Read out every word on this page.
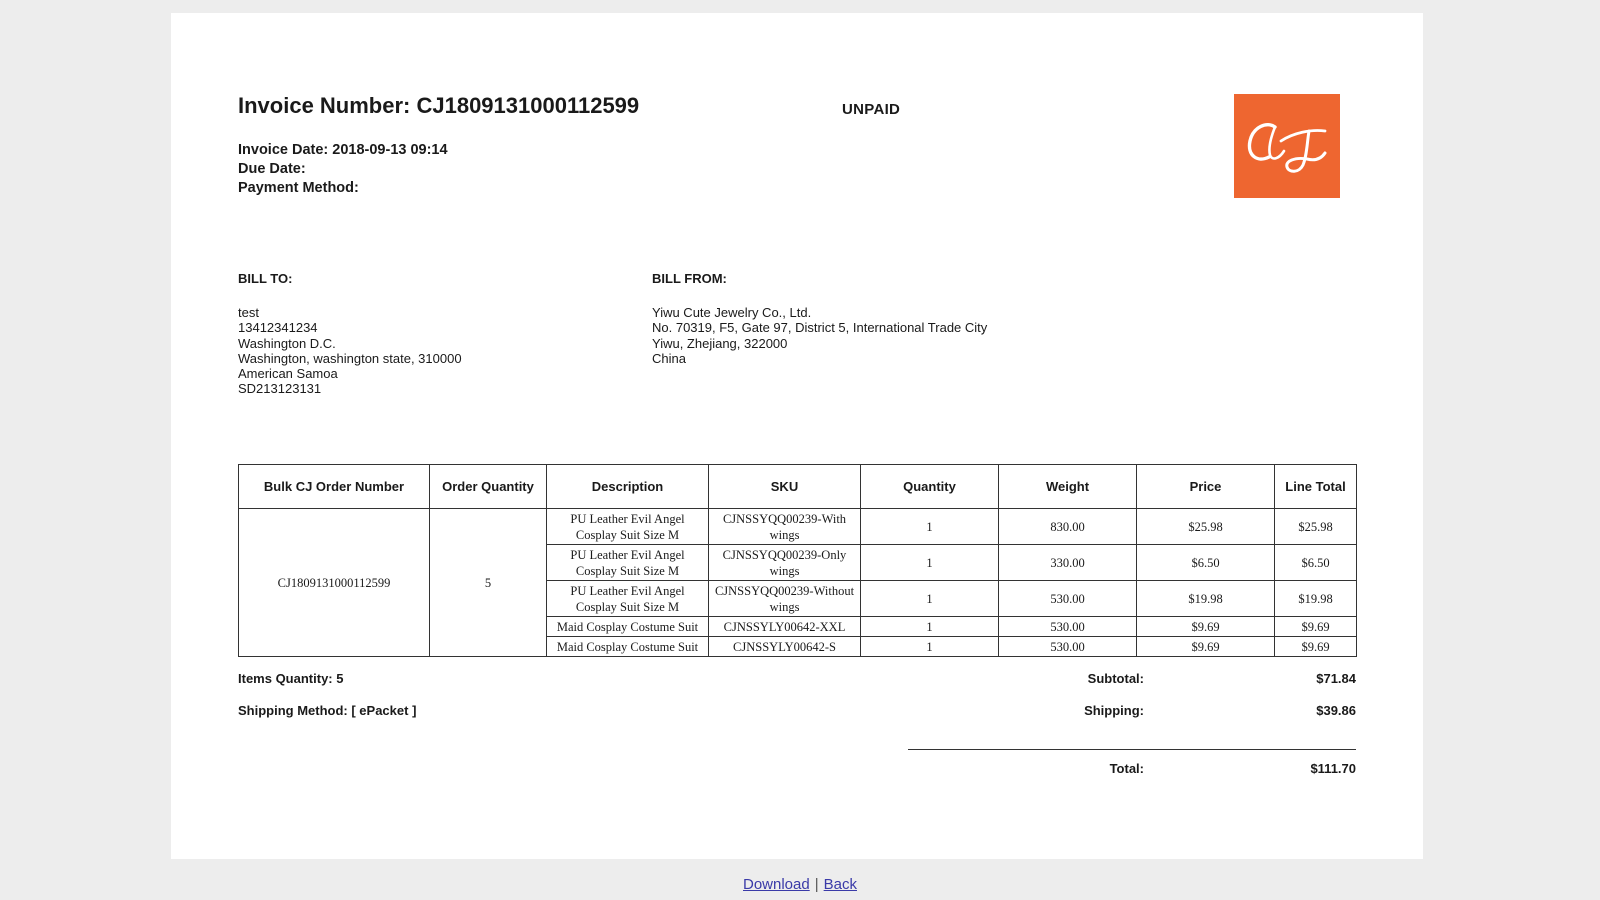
Invoice Number: CJ1809131000112599	UNPAID
Invoice Date: 2018-09-13 09:14
Due Date:
Payment Method:
BILL TO:
test
13412341234
Washington D.C.
Washington, washington state, 310000
American Samoa
SD213123131
BILL FROM:
Yiwu Cute Jewelry Co., Ltd.
No. 70319, F5, Gate 97, District 5, International Trade City
Yiwu, Zhejiang, 322000
China
Bulk CJ Order Number	Order Quantity	Description	SKU	Quantity	Weight	Price	Line Total
CJ1809131000112599	5	PU Leather Evil Angel Cosplay Suit Size M	CJNSSYQQ00239-With wings	1	830.00	$25.98	$25.98
		PU Leather Evil Angel Cosplay Suit Size M	CJNSSYQQ00239-Only wings	1	330.00	$6.50	$6.50
		PU Leather Evil Angel Cosplay Suit Size M	CJNSSYQQ00239-Without wings	1	530.00	$19.98	$19.98
		Maid Cosplay Costume Suit	CJNSSYLY00642-XXL	1	530.00	$9.69	$9.69
		Maid Cosplay Costume Suit	CJNSSYLY00642-S	1	530.00	$9.69	$9.69
Items Quantity: 5
Shipping Method: [ ePacket ]
Subtotal:	$71.84
Shipping:	$39.86
Total:	$111.70
Download | Back
